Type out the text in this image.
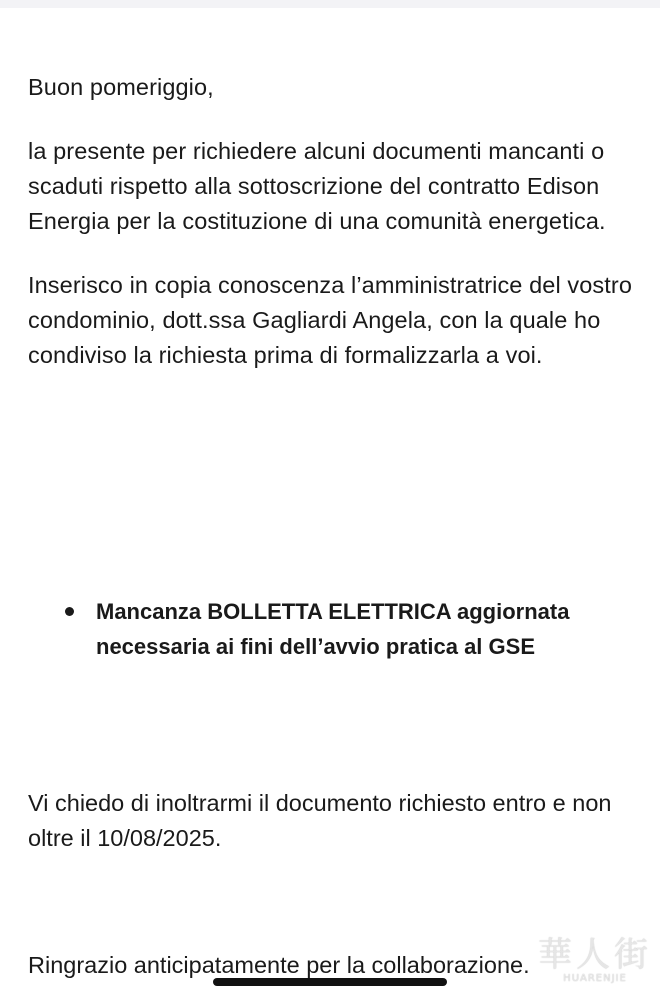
Buon pomeriggio,

la presente per richiedere alcuni documenti mancanti o scaduti rispetto alla sottoscrizione del contratto Edison Energia per la costituzione di una comunità energetica.

Inserisco in copia conoscenza l’amministratrice del vostro condominio, dott.ssa Gagliardi Angela, con la quale ho condiviso la richiesta prima di formalizzarla a voi.

Mancanza BOLLETTA ELETTRICA aggiornata necessaria ai fini dell’avvio pratica al GSE

Vi chiedo di inoltrarmi il documento richiesto entro e non oltre il 10/08/2025.

Ringrazio anticipatamente per la collaborazione. 華人街
HUARENJIE
